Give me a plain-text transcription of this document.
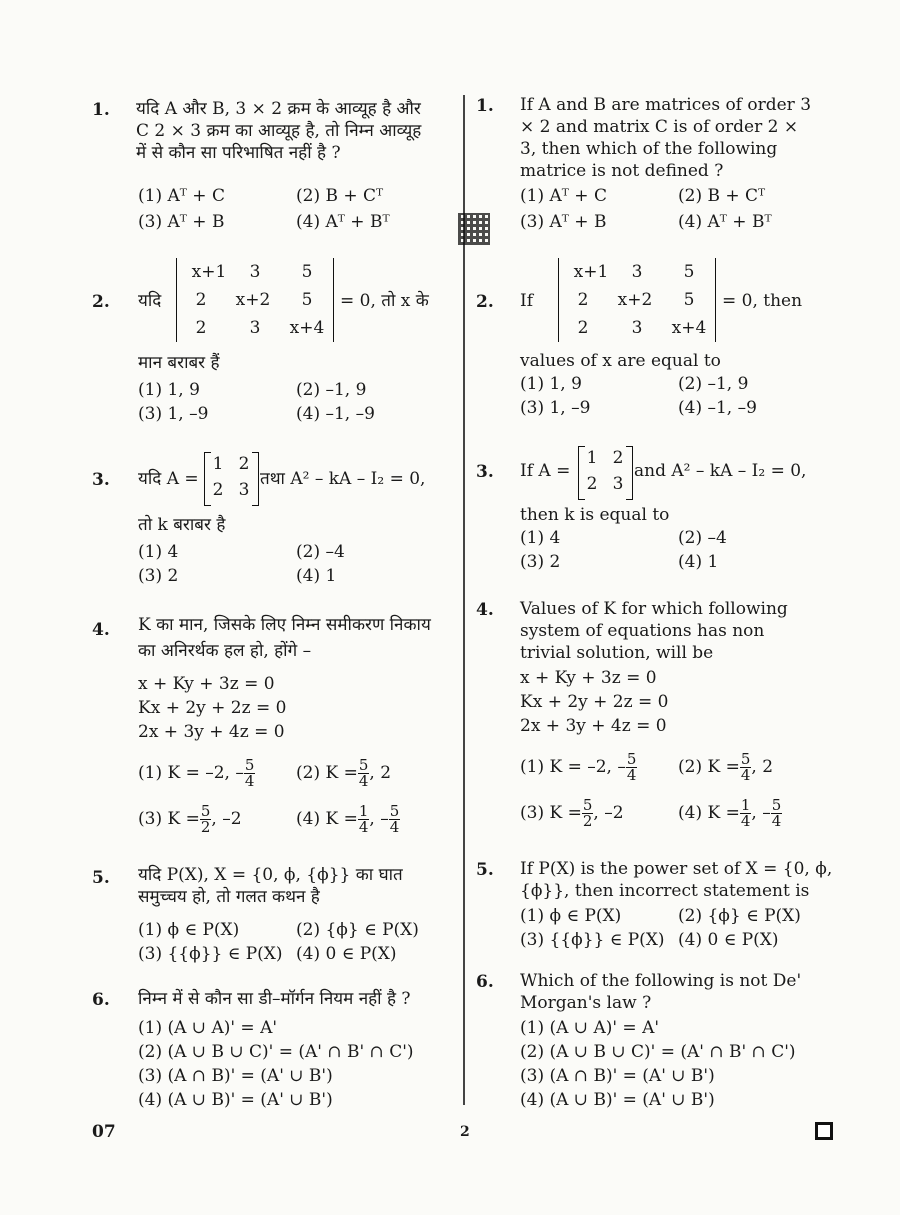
1. यदि A और B, 3 × 2 क्रम के आव्यूह है और C 2 × 3 क्रम का आव्यूह है, तो निम्न आव्यूह में से कौन सा परिभाषित नहीं है ?
(1) Aᵀ + C	(2) B + Cᵀ
(3) Aᵀ + B	(4) Aᵀ + Bᵀ
2. यदि
x+1	3	5
2	x+2	5
2	3	x+4
= 0, तो x के
मान बराबर हैं
(1) 1, 9	(2) –1, 9
(3) 1, –9	(4) –1, –9
3. यदि A =
1 2
2 3
तथा A² – kA – I₂ = 0,
तो k बराबर है
(1) 4	(2) –4
(3) 2	(4) 1
4. K का मान, जिसके लिए निम्न समीकरण निकाय का अनिरर्थक हल हो, होंगे –
x + Ky + 3z = 0
Kx + 2y + 2z = 0
2x + 3y + 4z = 0
(1) K = –2, – $\frac{5}{4} (2) K = \frac{5}{4}$ , 2
(3) $K = \frac{5}{2}$ , –2	(4) $K = \frac{1}{4}$ , – $\frac{5}{4}$
5. यदि P(X), X = {0, ϕ, {ϕ}} का घात समुच्चय हो, तो गलत कथन है
(1) ϕ ∈ P(X)	(2) {ϕ} ∈ P(X)
(3) {{ϕ}} ∈ P(X) (4) 0 ∈ P(X)
6. निम्न में से कौन सा डी–मॉर्गन नियम नहीं है ?
(1) (A ∪ A)' = A'
(2) (A ∪ B ∪ C)' = (A' ∩ B' ∩ C')
(3) (A ∩ B)' = (A' ∪ B')
(4) (A ∪ B)' = (A' ∪ B')
1. If A and B are matrices of order 3 × 2 and matrix C is of order 2 × 3, then which of the following matrice is not defined ?
(1) Aᵀ + C	(2) B + Cᵀ
(3) Aᵀ + B	(4) Aᵀ + Bᵀ
2. If
x+1	3	5
2	x+2	5
2	3	x+4
= 0, then
values of x are equal to
(1) 1, 9	(2) –1, 9
(3) 1, –9	(4) –1, –9
3. If A =
1 2
2 3
and A² – kA – I₂ = 0,
then k is equal to
(1) 4	(2) –4
(3) 2	(4) 1
4. Values of K for which following system of equations has non trivial solution, will be
x + Ky + 3z = 0
Kx + 2y + 2z = 0
2x + 3y + 4z = 0
(1) K = –2, – $\frac{5}{4} (2) K = \frac{5}{4}$ , 2
(3) $K = \frac{5}{2}$ , –2	(4) $K = \frac{1}{4}$ , – $\frac{5}{4}$
5. If P(X) is the power set of X = {0, ϕ, {ϕ}}, then incorrect statement is
(1) ϕ ∈ P(X)	(2) {ϕ} ∈ P(X)
(3) {{ϕ}} ∈ P(X) (4) 0 ∈ P(X)
6. Which of the following is not De' Morgan's law ?
(1) (A ∪ A)' = A'
(2) (A ∪ B ∪ C)' = (A' ∩ B' ∩ C')
(3) (A ∩ B)' = (A' ∪ B')
(4) (A ∪ B)' = (A' ∪ B')
07	2
